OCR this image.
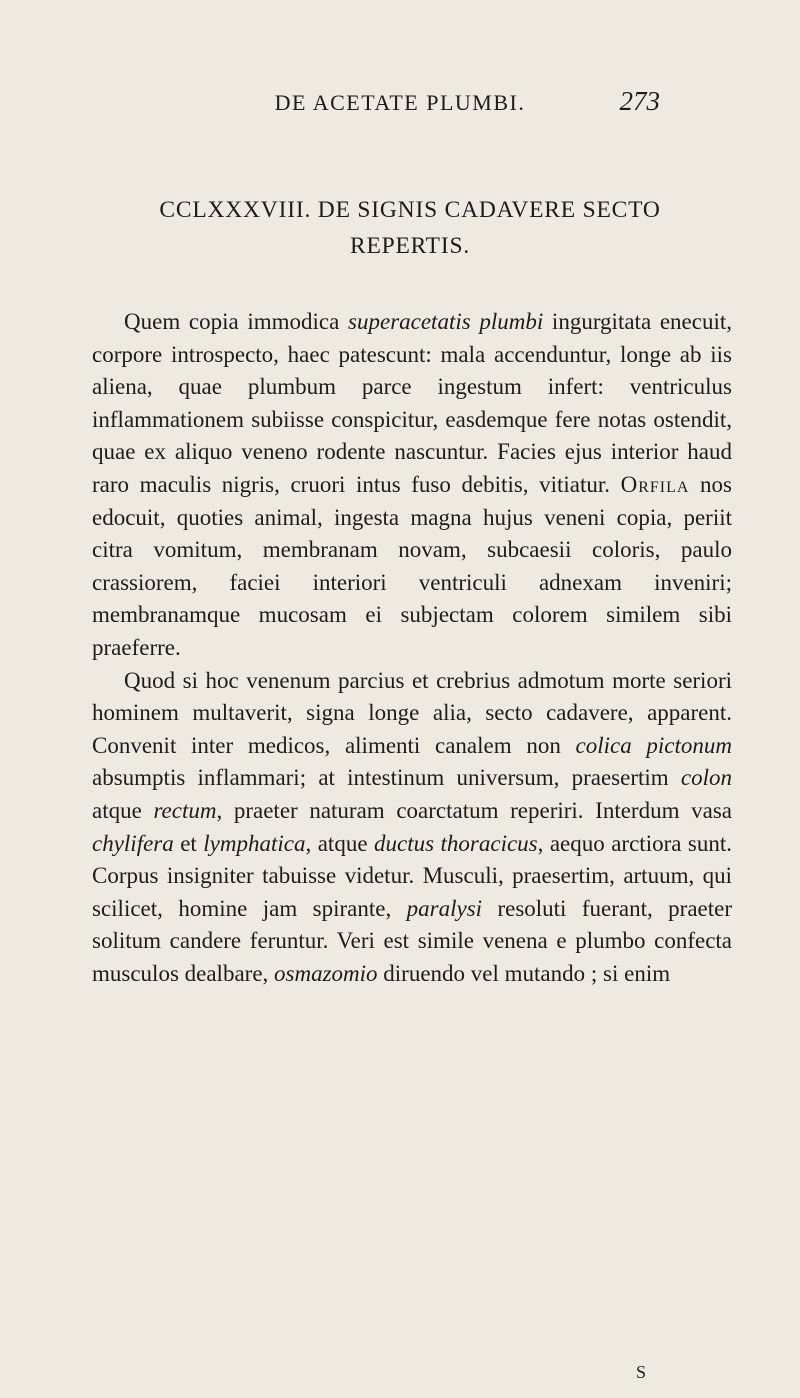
DE ACETATE PLUMBI.	273
CCLXXXVIII. DE SIGNIS CADAVERE SECTO
REPERTIS.

Quem copia immodica superacetatis plumbi ingurgitata enecuit, corpore introspecto, haec patescunt: mala accenduntur, longe ab iis aliena, quae plumbum parce ingestum infert: ventriculus inflammationem subiisse conspicitur, easdemque fere notas ostendit, quae ex aliquo veneno rodente nascuntur. Facies ejus interior haud raro maculis nigris, cruori intus fuso debitis, vitiatur. Orfila nos edocuit, quoties animal, ingesta magna hujus veneni copia, periit citra vomitum, membranam novam, subcaesii coloris, paulo crassiorem, faciei interiori ventriculi adnexam inveniri; membranamque mucosam ei subjectam colorem similem sibi praeferre.

Quod si hoc venenum parcius et crebrius admotum morte seriori hominem multaverit, signa longe alia, secto cadavere, apparent. Convenit inter medicos, alimenti canalem non colica pictonum absumptis inflammari; at intestinum universum, praesertim colon atque rectum, praeter naturam coarctatum reperiri. Interdum vasa chylifera et lymphatica, atque ductus thoracicus, aequo arctiora sunt. Corpus insigniter tabuisse videtur. Musculi, praesertim, artuum, qui scilicet, homine jam spirante, paralysi resoluti fuerant, praeter solitum candere feruntur. Veri est simile venena e plumbo confecta musculos dealbare, osmazomio diruendo vel mutando ; si enim

S
